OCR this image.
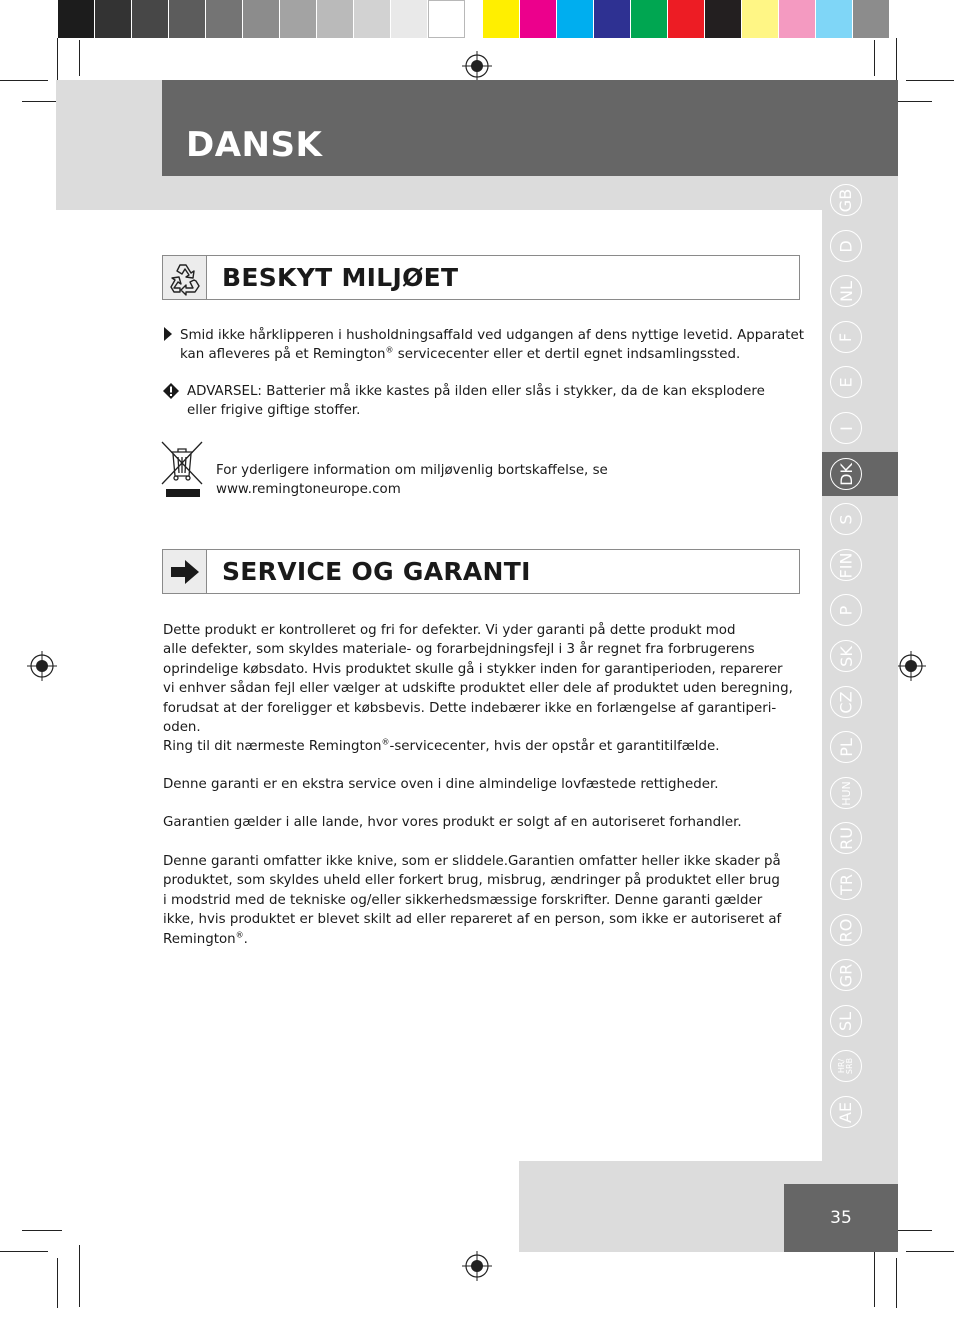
DANSK
GB
D
NL
F
E
I
DK
S
FIN
P
SK
CZ
PL
HUN
RU
TR
RO
GR
SL
HR/ SRB
AE
35
BESKYT MILJØET
Smid ikke hårklipperen i husholdningsaffald ved udgangen af dens nyttige levetid. Apparatet
kan afleveres på et Remington® servicecenter eller et dertil egnet indsamlingssted.
ADVARSEL: Batterier må ikke kastes på ilden eller slås i stykker, da de kan eksplodere
eller frigive giftige stoffer.
For yderligere information om miljøvenlig bortskaffelse, se
www.remingtoneurope.com
SERVICE OG GARANTI
Dette produkt er kontrolleret og fri for defekter. Vi yder garanti på dette produkt mod
alle defekter, som skyldes materiale- og forarbejdningsfejl i 3 år regnet fra forbrugerens
oprindelige købsdato. Hvis produktet skulle gå i stykker inden for garantiperioden, reparerer
vi enhver sådan fejl eller vælger at udskifte produktet eller dele af produktet uden beregning,
forudsat at der foreligger et købsbevis. Dette indebærer ikke en forlængelse af garantiperi-
oden.
Ring til dit nærmeste Remington®-servicecenter, hvis der opstår et garantitilfælde.
Denne garanti er en ekstra service oven i dine almindelige lovfæstede rettigheder.
Garantien gælder i alle lande, hvor vores produkt er solgt af en autoriseret forhandler.
Denne garanti omfatter ikke knive, som er sliddele.Garantien omfatter heller ikke skader på
produktet, som skyldes uheld eller forkert brug, misbrug, ændringer på produktet eller brug
i modstrid med de tekniske og/eller sikkerhedsmæssige forskrifter. Denne garanti gælder
ikke, hvis produktet er blevet skilt ad eller repareret af en person, som ikke er autoriseret af
Remington®.
